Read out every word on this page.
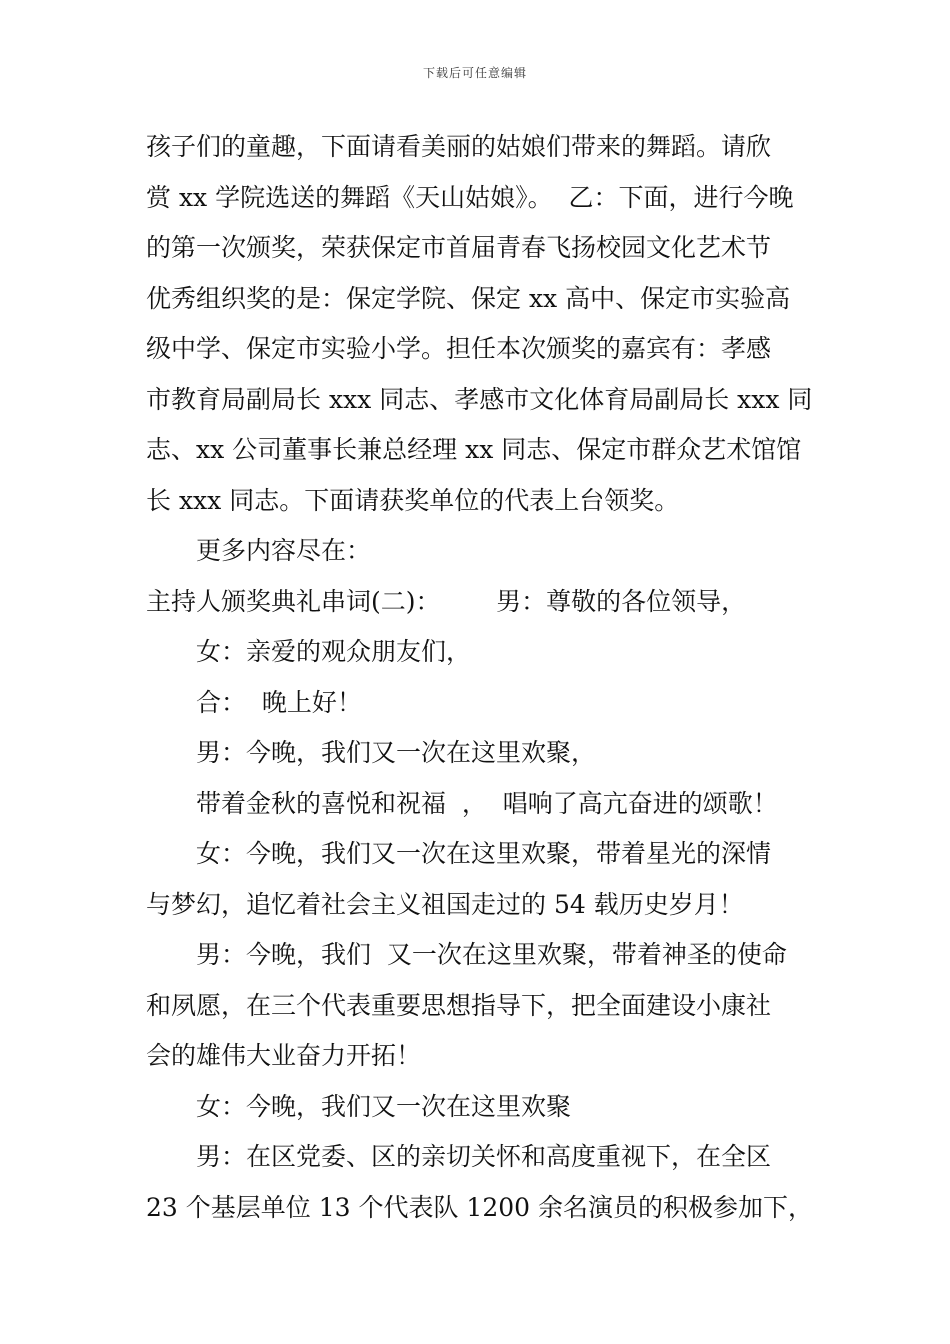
下载后可任意编辑
孩子们的童趣，下面请看美丽的姑娘们带来的舞蹈。请欣
赏 xx 学院选送的舞蹈《天山姑娘》。  乙：下面，进行今晚
的第一次颁奖，荣获保定市首届青春飞扬校园文化艺术节
优秀组织奖的是：保定学院、保定 xx 高中、保定市实验高
级中学、保定市实验小学。担任本次颁奖的嘉宾有：孝感
市教育局副局长 xxx 同志、孝感市文化体育局副局长 xxx 同
志、xx 公司董事长兼总经理 xx 同志、保定市群众艺术馆馆
长 xxx 同志。下面请获奖单位的代表上台领奖。
更多内容尽在：
主持人颁奖典礼串词(二)：       男：尊敬的各位领导，
女：亲爱的观众朋友们，
合：  晚上好！
男：今晚，我们又一次在这里欢聚，
带着金秋的喜悦和祝福  ，  唱响了高亢奋进的颂歌！
女：今晚，我们又一次在这里欢聚，带着星光的深情
与梦幻，追忆着社会主义祖国走过的 54 载历史岁月！
男：今晚，我们  又一次在这里欢聚，带着神圣的使命
和夙愿，在三个代表重要思想指导下，把全面建设小康社
会的雄伟大业奋力开拓！
女：今晚，我们又一次在这里欢聚
男：在区党委、区的亲切关怀和高度重视下，在全区
23 个基层单位 13 个代表队 1200 余名演员的积极参加下，
